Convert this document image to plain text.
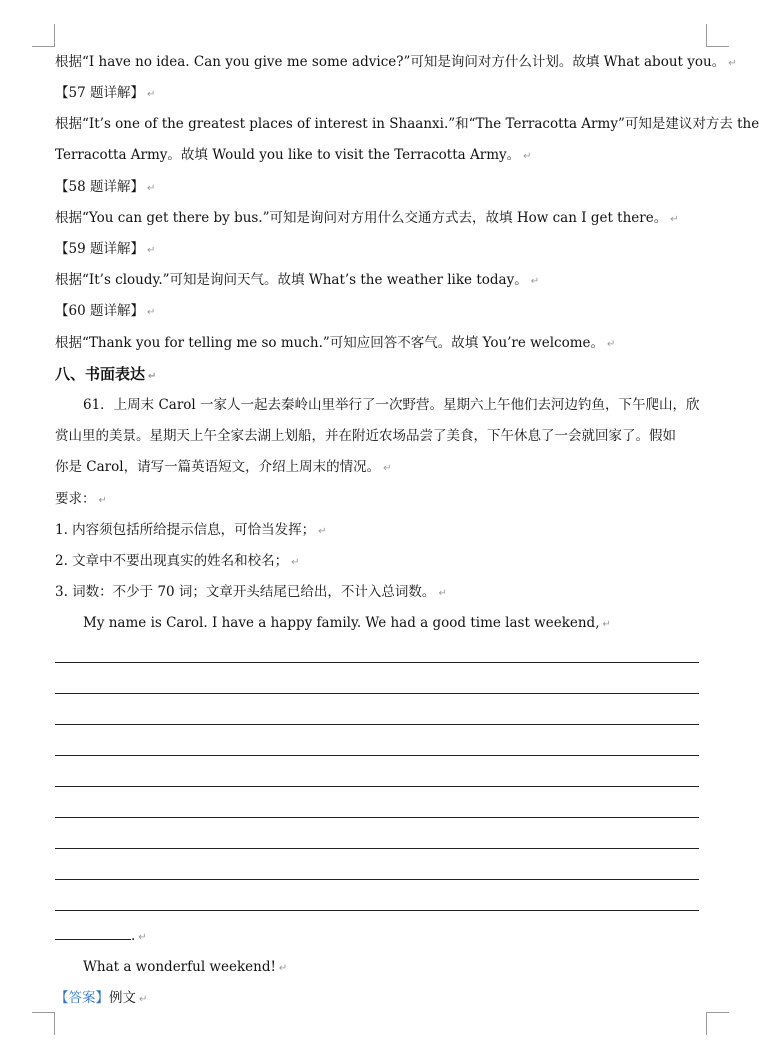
根据“I have no idea. Can you give me some advice?”可知是询问对方什么计划。故填 What about you。 ↵
【57 题详解】 ↵
根据“It’s one of the greatest places of interest in Shaanxi.”和“The Terracotta Army”可知是建议对方去 the
Terracotta Army。故填 Would you like to visit the Terracotta Army。 ↵
【58 题详解】 ↵
根据“You can get there by bus.”可知是询问对方用什么交通方式去，故填 How can I get there。 ↵
【59 题详解】 ↵
根据“It’s cloudy.”可知是询问天气。故填 What’s the weather like today。 ↵
【60 题详解】 ↵
根据“Thank you for telling me so much.”可知应回答不客气。故填 You’re welcome。 ↵
八、书面表达 ↵
61．上周末 Carol 一家人一起去秦岭山里举行了一次野营。星期六上午他们去河边钓鱼，下午爬山，欣
赏山里的美景。星期天上午全家去湖上划船，并在附近农场品尝了美食，下午休息了一会就回家了。假如
你是 Carol，请写一篇英语短文，介绍上周末的情况。 ↵
要求： ↵
1. 内容须包括所给提示信息，可恰当发挥； ↵
2. 文章中不要出现真实的姓名和校名； ↵
3. 词数：不少于 70 词；文章开头结尾已给出，不计入总词数。 ↵
My name is Carol. I have a happy family. We had a good time last weekend, ↵
. ↵
What a wonderful weekend! ↵
【答案】例文 ↵
